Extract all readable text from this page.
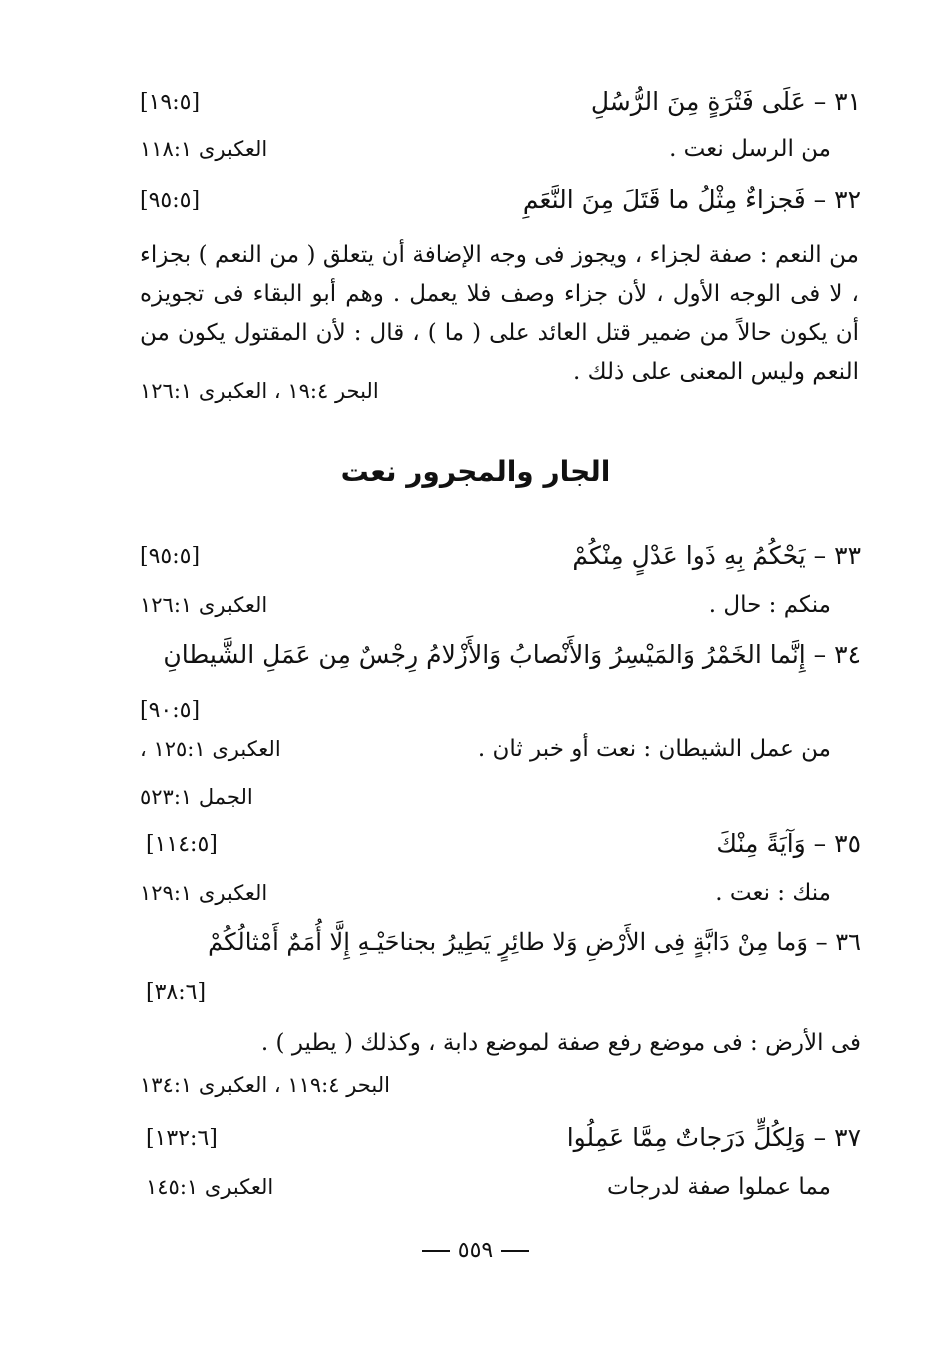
٣١ – عَلَى فَتْرَةٍ مِنَ الرُّسُلِ
[١٩:٥]
من الرسل نعت .
العكبرى ١١٨:١
٣٢ – فَجزاءٌ مِثْلُ ما قَتَلَ مِنَ النَّعَمِ
[٩٥:٥]
من النعم : صفة لجزاء ، ويجوز فى وجه الإضافة أن يتعلق ( من النعم ) بجزاء ، لا فى الوجه الأول ، لأن جزاء وصف فلا يعمل . وهم أبو البقاء فى تجويزه أن يكون حالاً من ضمير قتل العائد على ( ما ) ، قال : لأن المقتول يكون من النعم وليس المعنى على ذلك .
البحر ١٩:٤ ، العكبرى ١٢٦:١
الجار والمجرور نعت
٣٣ – يَحْكُمُ بِهِ ذَوا عَدْلٍ مِنْكُمْ
[٩٥:٥]
منكم : حال .
العكبرى ١٢٦:١
٣٤ – إِنَّما الخَمْرُ وَالمَيْسِرُ وَالأَنْصابُ وَالأَزْلامُ رِجْسٌ مِن عَمَلِ الشَّيطانِ
[٩٠:٥]
من عمل الشيطان : نعت أو خبر ثان .
العكبرى ١٢٥:١ ،
الجمل ٥٢٣:١
٣٥ – وَآيَةً مِنْكَ
[١١٤:٥]
منك : نعت .
العكبرى ١٢٩:١
٣٦ – وَما مِنْ دَابَّةٍ فِى الأَرْضِ وَلا طائِرٍ يَطِيرُ بجناحَيْـهِ إِلَّا أُمَمٌ أَمْثالُكُمْ
[٣٨:٦]
فى الأرض : فى موضع رفع صفة لموضع دابة ، وكذلك ( يطير ) .
البحر ١١٩:٤ ، العكبرى ١٣٤:١
٣٧ – وَلِكُلٍّ دَرَجاتٌ مِمَّا عَمِلُوا
[١٣٢:٦]
مما عملوا صفة لدرجات
العكبرى ١٤٥:١
٥٥٩
